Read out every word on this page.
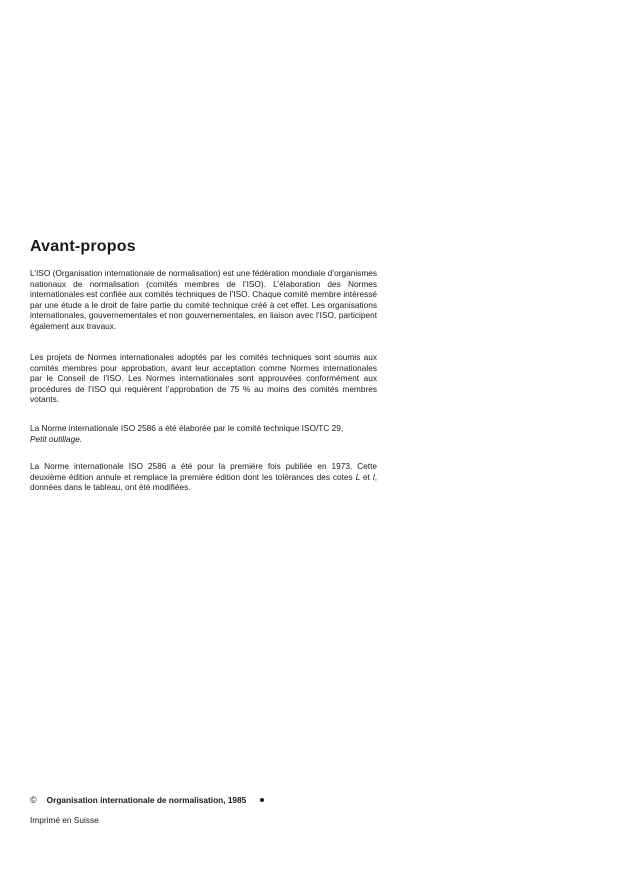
Avant-propos

L’ISO (Organisation internationale de normalisation) est une fédération mondiale d’organismes nationaux de normalisation (comités membres de l’ISO). L’élaboration des Normes internationales est confiée aux comités techniques de l’ISO. Chaque comité membre intéressé par une étude a le droit de faire partie du comité technique créé à cet effet. Les organisations internationales, gouvernementales et non gouvernementales, en liaison avec l’ISO, participent également aux travaux.

Les projets de Normes internationales adoptés par les comités techniques sont soumis aux comités membres pour approbation, avant leur acceptation comme Normes internationales par le Conseil de l’ISO. Les Normes internationales sont approuvées conformément aux procédures de l’ISO qui requièrent l’approbation de 75 % au moins des comités membres votants.

La Norme internationale ISO 2586 a été élaborée par le comité technique ISO/TC 29,
Petit outillage.

La Norme internationale ISO 2586 a été pour la première fois publiée en 1973. Cette deuxième édition annule et remplace la première édition dont les tolérances des cotes L et l, données dans le tableau, ont été modifiées.

© Organisation internationale de normalisation, 1985
Imprimé en Suisse
